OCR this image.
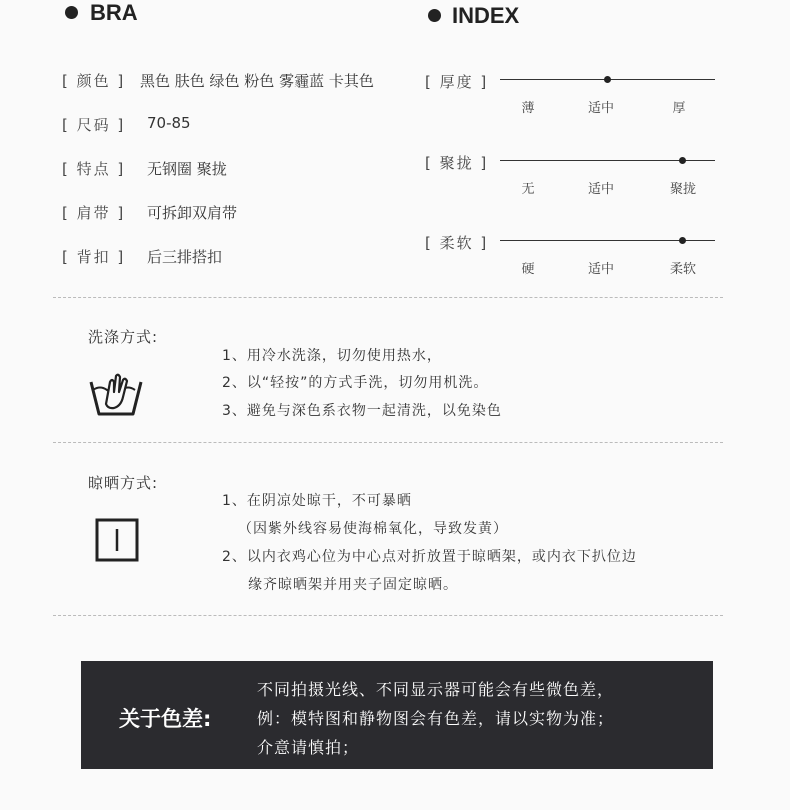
BRA	INDEX
[ 颜色 ] 黑色 肤色 绿色 粉色 雾霾蓝 卡其色
[ 尺码 ] 70-85
[ 特点 ] 无钢圈 聚拢
[ 肩带 ] 可拆卸双肩带
[ 背扣 ] 后三排搭扣
[ 厚度 ]
薄	适中	厚
[ 聚拢 ]
无	适中	聚拢
[ 柔软 ]
硬	适中	柔软
洗涤方式:
1、用冷水洗涤，切勿使用热水，
2、以“轻按”的方式手洗，切勿用机洗。
3、避免与深色系衣物一起清洗，以免染色
晾晒方式:
1、在阴凉处晾干，不可暴晒
（因紫外线容易使海棉氧化，导致发黄）
2、以内衣鸡心位为中心点对折放置于晾晒架，或内衣下扒位边
缘齐晾晒架并用夹子固定晾晒。
关于色差:
不同拍摄光线、不同显示器可能会有些微色差，
例：模特图和静物图会有色差，请以实物为准；
介意请慎拍；
